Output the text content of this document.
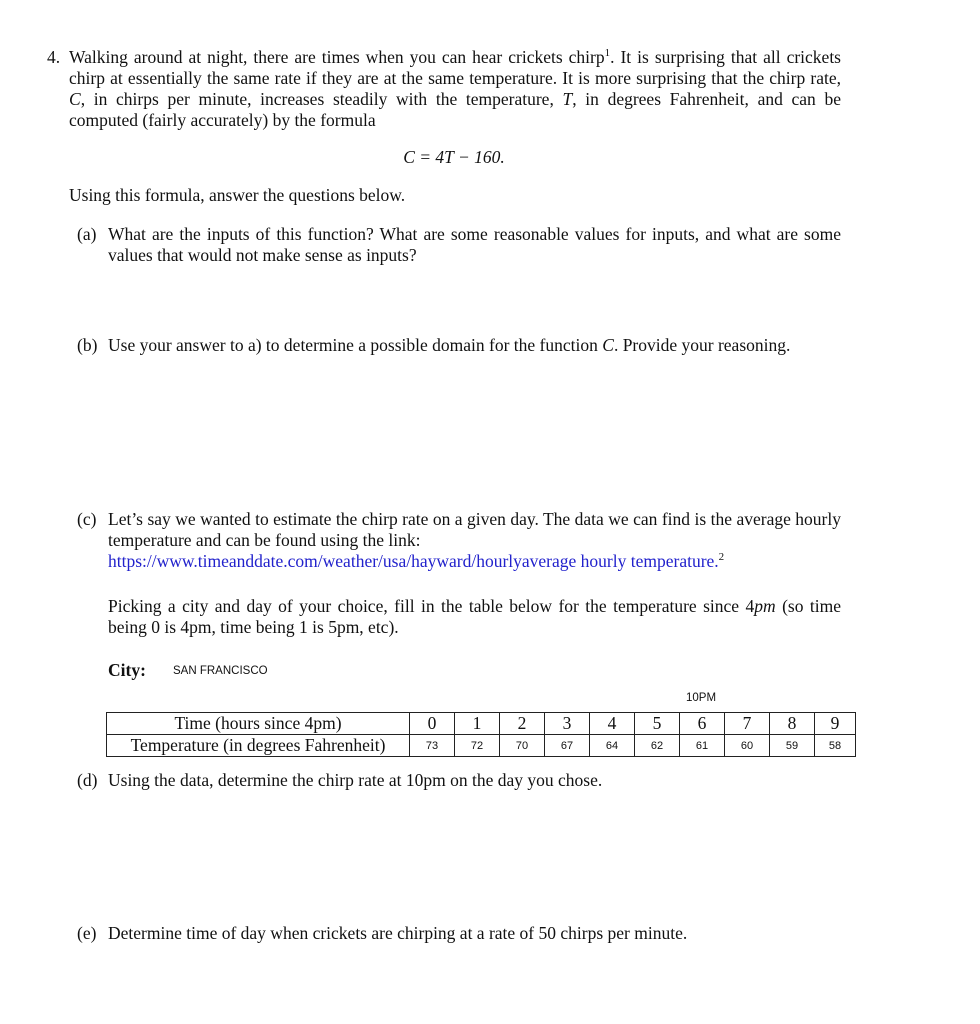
4. Walking around at night, there are times when you can hear crickets chirp$^1$. It is surprising that all crickets chirp at essentially the same rate if they are at the same temperature. It is more surprising that the chirp rate, C, in chirps per minute, increases steadily with the temperature, T, in degrees Fahrenheit, and can be computed (fairly accurately) by the formula
C = 4T − 160.
Using this formula, answer the questions below.
(a) What are the inputs of this function? What are some reasonable values for inputs, and what are some values that would not make sense as inputs?
(b) Use your answer to a) to determine a possible domain for the function C. Provide your reasoning.
(c) Let’s say we wanted to estimate the chirp rate on a given day. The data we can find is the average hourly temperature and can be found using the link:
https://www.timeanddate.com/weather/usa/hayward/hourlyaverage hourly temperature.$^2$
Picking a city and day of your choice, fill in the table below for the temperature since 4pm (so time being 0 is 4pm, time being 1 is 5pm, etc).
City: SAN FRANCISCO
10PM
Time (hours since 4pm)	0	1	2	3	4	5	6	7	8	9
Temperature (in degrees Fahrenheit)	73	72	70	67	64	62	61	60	59	58
(d) Using the data, determine the chirp rate at 10pm on the day you chose.
(e) Determine time of day when crickets are chirping at a rate of 50 chirps per minute.
